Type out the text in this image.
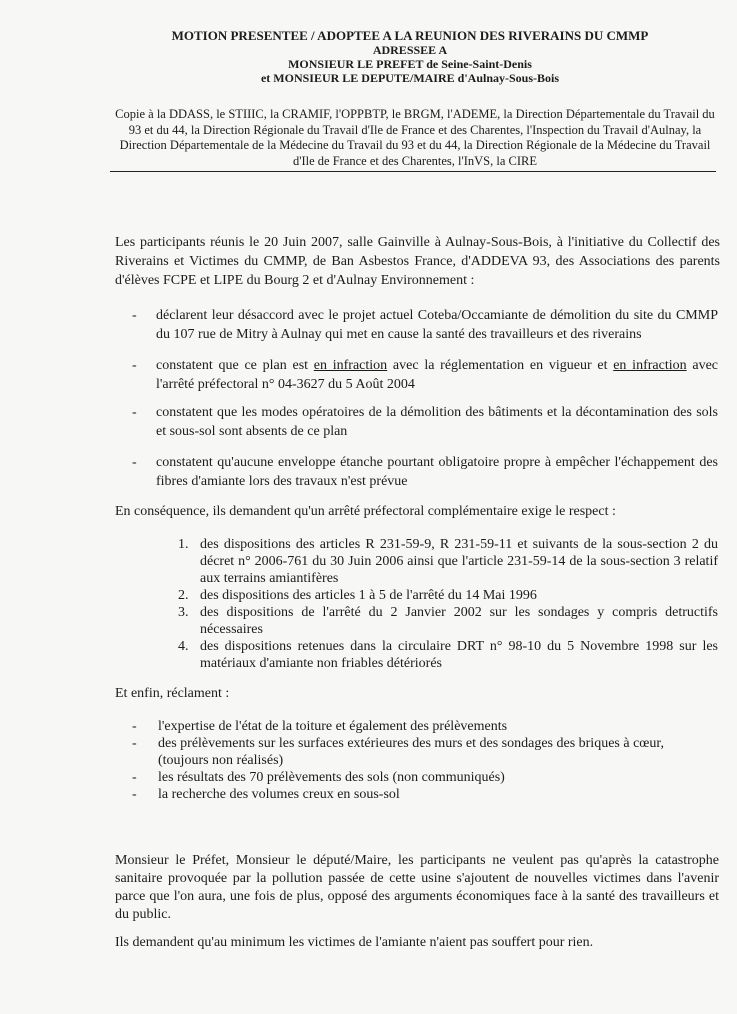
MOTION PRESENTEE / ADOPTEE A LA REUNION DES RIVERAINS DU CMMP
ADRESSEE A
MONSIEUR LE PREFET de Seine-Saint-Denis
et MONSIEUR LE DEPUTE/MAIRE d'Aulnay-Sous-Bois
Copie à la DDASS, le STIIIC, la CRAMIF, l'OPPBTP, le BRGM, l'ADEME, la Direction Départementale du Travail du 93 et du 44, la Direction Régionale du Travail d'Ile de France et des Charentes, l'Inspection du Travail d'Aulnay, la Direction Départementale de la Médecine du Travail du 93 et du 44, la Direction Régionale de la Médecine du Travail d'Ile de France et des Charentes, l'InVS, la CIRE
Les participants réunis le 20 Juin 2007, salle Gainville à Aulnay-Sous-Bois, à l'initiative du Collectif des Riverains et Victimes du CMMP, de Ban Asbestos France, d'ADDEVA 93, des Associations des parents d'élèves FCPE et LIPE du Bourg 2 et d'Aulnay Environnement :
- déclarent leur désaccord avec le projet actuel Coteba/Occamiante de démolition du site du CMMP du 107 rue de Mitry à Aulnay qui met en cause la santé des travailleurs et des riverains
- constatent que ce plan est en infraction avec la réglementation en vigueur et en infraction avec l'arrêté préfectoral n° 04-3627 du 5 Août 2004
- constatent que les modes opératoires de la démolition des bâtiments et la décontamination des sols et sous-sol sont absents de ce plan
- constatent qu'aucune enveloppe étanche pourtant obligatoire propre à empêcher l'échappement des fibres d'amiante lors des travaux n'est prévue
En conséquence, ils demandent qu'un arrêté préfectoral complémentaire exige le respect :
1. des dispositions des articles R 231-59-9, R 231-59-11 et suivants de la sous-section 2 du décret n° 2006-761 du 30 Juin 2006 ainsi que l'article 231-59-14 de la sous-section 3 relatif aux terrains amiantifères
2. des dispositions des articles 1 à 5 de l'arrêté du 14 Mai 1996
3. des dispositions de l'arrêté du 2 Janvier 2002 sur les sondages y compris detructifs nécessaires
4. des dispositions retenues dans la circulaire DRT n° 98-10 du 5 Novembre 1998 sur les matériaux d'amiante non friables détériorés
Et enfin, réclament :
- l'expertise de l'état de la toiture et également des prélèvements
- des prélèvements sur les surfaces extérieures des murs et des sondages des briques à cœur, (toujours non réalisés)
- les résultats des 70 prélèvements des sols (non communiqués)
- la recherche des volumes creux en sous-sol
Monsieur le Préfet, Monsieur le député/Maire, les participants ne veulent pas qu'après la catastrophe sanitaire provoquée par la pollution passée de cette usine s'ajoutent de nouvelles victimes dans l'avenir parce que l'on aura, une fois de plus, opposé des arguments économiques face à la santé des travailleurs et du public.
Ils demandent qu'au minimum les victimes de l'amiante n'aient pas souffert pour rien.
